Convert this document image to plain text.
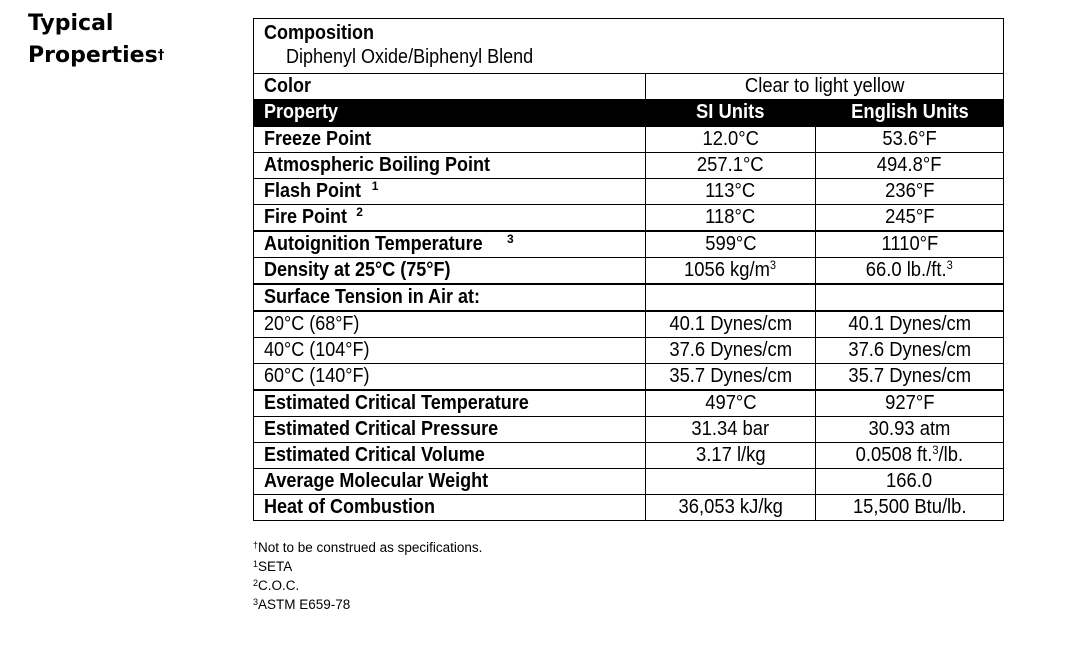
Typical
Properties†
Composition
Diphenyl Oxide/Biphenyl Blend		

Color	Clear to light yellow	
Property	SI Units	English Units
Freeze Point	12.0°C	53.6°F
Atmospheric Boiling Point	257.1°C	494.8°F
Flash Point $^1$	113°C	236°F
Fire Point $^2$	118°C	245°F
Autoignition Temperature $^3$	599°C	1110°F
Density at 25°C (75°F)	1056 $kg/m^3$	66.0 lb./ft.$^3$
Surface Tension in Air at:		
20°C (68°F)	40.1 Dynes/cm	40.1 Dynes/cm
40°C (104°F)	37.6 Dynes/cm	37.6 Dynes/cm
60°C (140°F)	35.7 Dynes/cm	35.7 Dynes/cm
Estimated Critical Temperature	497°C	927°F
Estimated Critical Pressure	31.34 bar	30.93 atm
Estimated Critical Volume	3.17 l/kg	0.0508 ft.$^3$/lb.
Average Molecular Weight		166.0
Heat of Combustion	36,053 kJ/kg	15,500 Btu/lb.
†Not to be construed as specifications.
$^1$SETA
$^2$C.O.C.
$^3$ASTM E659-78
